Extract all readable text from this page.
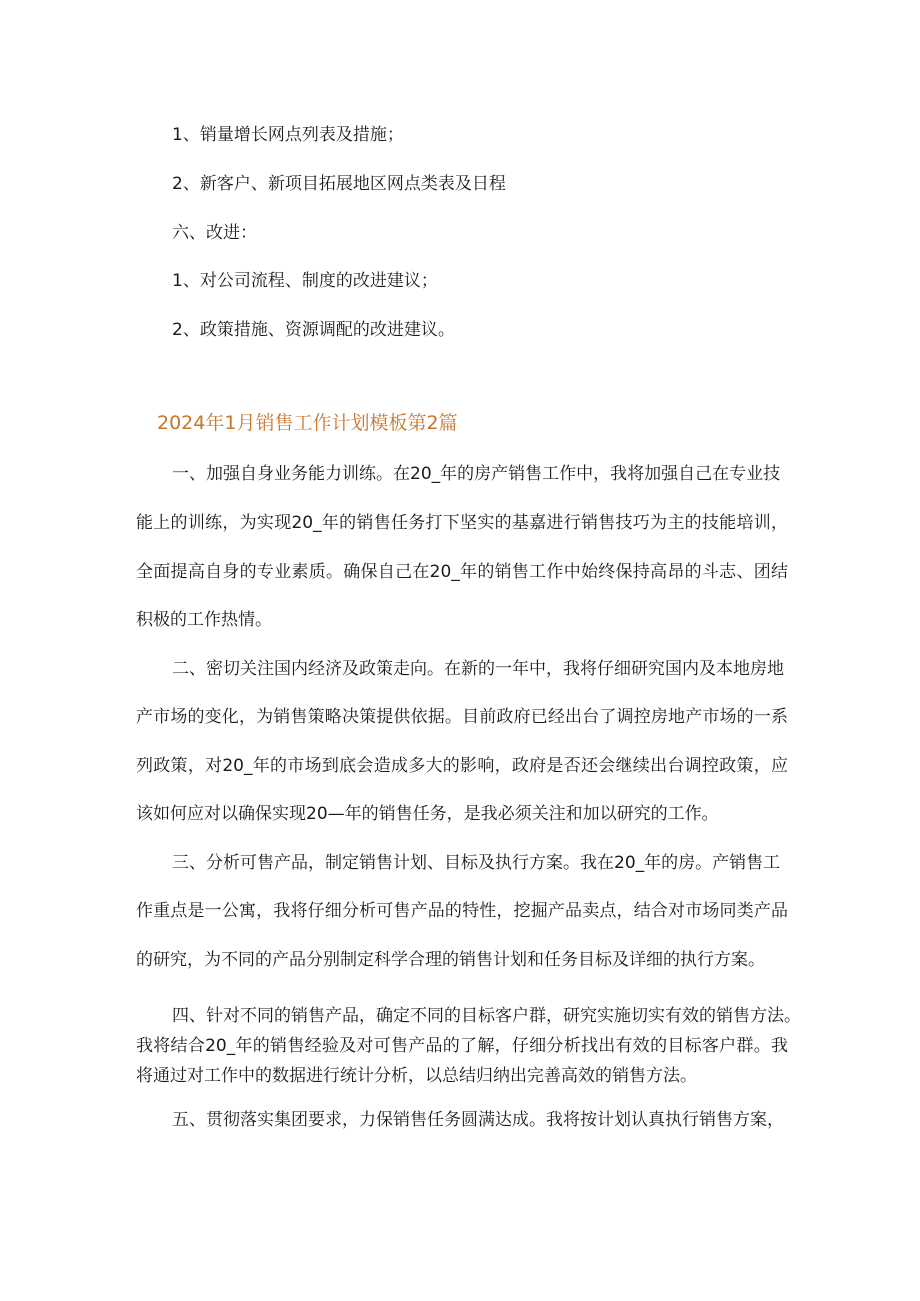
1、销量增长网点列表及措施；

2、新客户、新项目拓展地区网点类表及日程

六、改进：

1、对公司流程、制度的改进建议；

2、政策措施、资源调配的改进建议。

2024年1月销售工作计划模板第2篇

一、加强自身业务能力训练。在20_年的房产销售工作中，我将加强自己在专业技

能上的训练，为实现20_年的销售任务打下坚实的基嘉进行销售技巧为主的技能培训，

全面提高自身的专业素质。确保自己在20_年的销售工作中始终保持高昂的斗志、团结

积极的工作热情。

二、密切关注国内经济及政策走向。在新的一年中，我将仔细研究国内及本地房地

产市场的变化，为销售策略决策提供依据。目前政府已经出台了调控房地产市场的一系

列政策，对20_年的市场到底会造成多大的影响，政府是否还会继续出台调控政策，应

该如何应对以确保实现20—年的销售任务，是我必须关注和加以研究的工作。

三、分析可售产品，制定销售计划、目标及执行方案。我在20_年的房。产销售工

作重点是一公寓，我将仔细分析可售产品的特性，挖掘产品卖点，结合对市场同类产品

的研究，为不同的产品分别制定科学合理的销售计划和任务目标及详细的执行方案。

四、针对不同的销售产品，确定不同的目标客户群，研究实施切实有效的销售方法。

我将结合20_年的销售经验及对可售产品的了解，仔细分析找出有效的目标客户群。我

将通过对工作中的数据进行统计分析，以总结归纳出完善高效的销售方法。

五、贯彻落实集团要求，力保销售任务圆满达成。我将按计划认真执行销售方案，
